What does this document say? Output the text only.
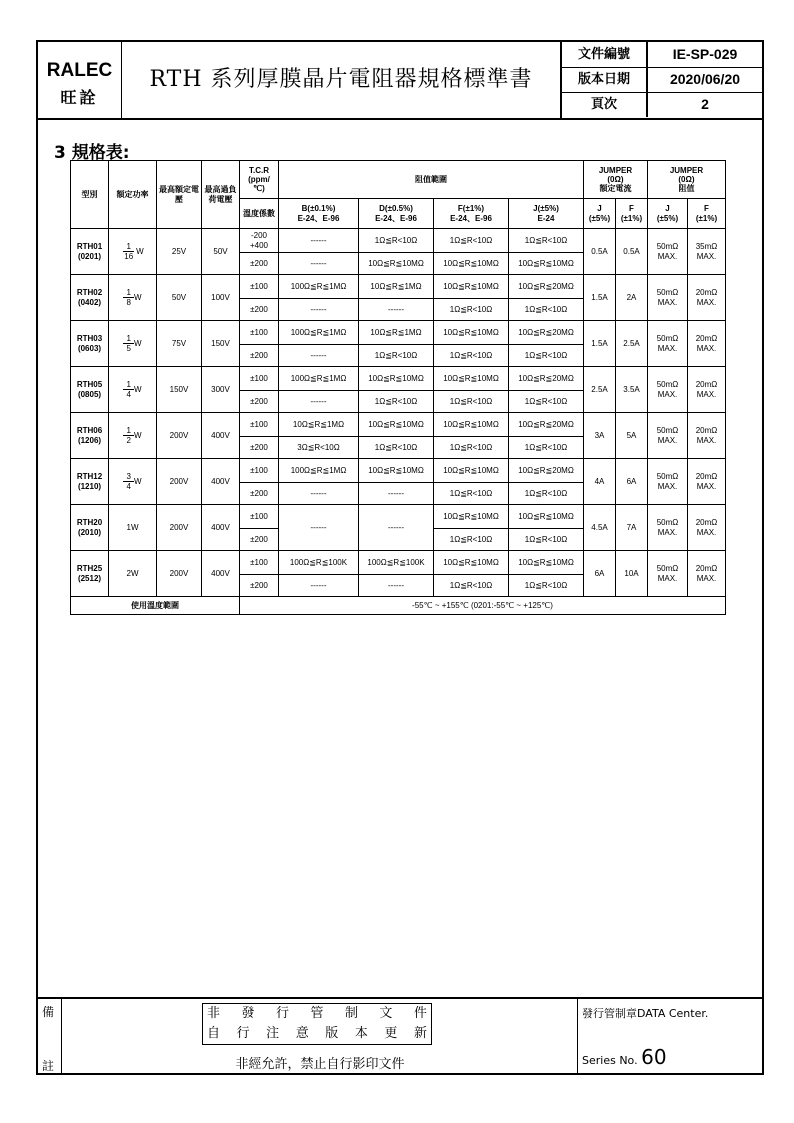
RALEC
旺詮
RTH 系列厚膜晶片電阻器規格標準書
文件編號	IE-SP-029
版本日期	2020/06/20
頁次	2
3 規格表:
型別	額定功率	最高額定電壓	最高過負荷電壓	T.C.R
(ppm/
℃)	阻值範圍				JUMPER
(0Ω)
額定電流		JUMPER
(0Ω)
阻值	
				溫度係數	B(±0.1%)
E-24、E-96	D(±0.5%)
E-24、E-96	F(±1%)
E-24、E-96	J(±5%)
E-24	J
(±5%)	F
(±1%)	J
(±5%)	F
(±1%)
RTH01
(0201)	$\frac{1}{16}$ W	25V	50V	-200
+400	------	1Ω≦R<10Ω	1Ω≦R<10Ω	1Ω≦R<10Ω	0.5A	0.5A	50mΩ
MAX.	35mΩ
MAX.
				±200	------	10Ω≦R≦10MΩ	10Ω≦R≦10MΩ	10Ω≦R≦10MΩ				
RTH02
(0402)	$\frac{1}{8}$ W	50V	100V	±100	100Ω≦R≦1MΩ	10Ω≦R≦1MΩ	10Ω≦R≦10MΩ	10Ω≦R≦20MΩ	1.5A	2A	50mΩ
MAX.	20mΩ
MAX.
				±200	------	------	1Ω≦R<10Ω	1Ω≦R<10Ω				
RTH03
(0603)	$\frac{1}{5}$ W	75V	150V	±100	100Ω≦R≦1MΩ	10Ω≦R≦1MΩ	10Ω≦R≦10MΩ	10Ω≦R≦20MΩ	1.5A	2.5A	50mΩ
MAX.	20mΩ
MAX.
				±200	------	1Ω≦R<10Ω	1Ω≦R<10Ω	1Ω≦R<10Ω				
RTH05
(0805)	$\frac{1}{4}$ W	150V	300V	±100	100Ω≦R≦1MΩ	10Ω≦R≦10MΩ	10Ω≦R≦10MΩ	10Ω≦R≦20MΩ	2.5A	3.5A	50mΩ
MAX.	20mΩ
MAX.
				±200	------	1Ω≦R<10Ω	1Ω≦R<10Ω	1Ω≦R<10Ω				
RTH06
(1206)	$\frac{1}{2}$ W	200V	400V	±100	10Ω≦R≦1MΩ	10Ω≦R≦10MΩ	10Ω≦R≦10MΩ	10Ω≦R≦20MΩ	3A	5A	50mΩ
MAX.	20mΩ
MAX.
				±200	3Ω≦R<10Ω	1Ω≦R<10Ω	1Ω≦R<10Ω	1Ω≦R<10Ω				
RTH12
(1210)	$\frac{3}{4}$ W	200V	400V	±100	100Ω≦R≦1MΩ	10Ω≦R≦10MΩ	10Ω≦R≦10MΩ	10Ω≦R≦20MΩ	4A	6A	50mΩ
MAX.	20mΩ
MAX.
				±200	------	------	1Ω≦R<10Ω	1Ω≦R<10Ω				
RTH20
(2010)	1W	200V	400V	±100	------	------	10Ω≦R≦10MΩ	10Ω≦R≦10MΩ	4.5A	7A	50mΩ
MAX.	20mΩ
MAX.
				±200			1Ω≦R<10Ω	1Ω≦R<10Ω				
RTH25
(2512)	2W	200V	400V	±100	100Ω≦R≦100K	100Ω≦R≦100K	10Ω≦R≦10MΩ	10Ω≦R≦10MΩ	6A	10A	50mΩ
MAX.	20mΩ
MAX.
				±200	------	------	1Ω≦R<10Ω	1Ω≦R<10Ω				
使用溫度範圍				-55℃ ~ +155℃ (0201:-55℃ ~ +125℃)								
備
註
非 發 行 管 制 文 件
自 行 注 意 版 本 更 新
非經允許，禁止自行影印文件
發行管制章DATA Center.
Series No. 60
